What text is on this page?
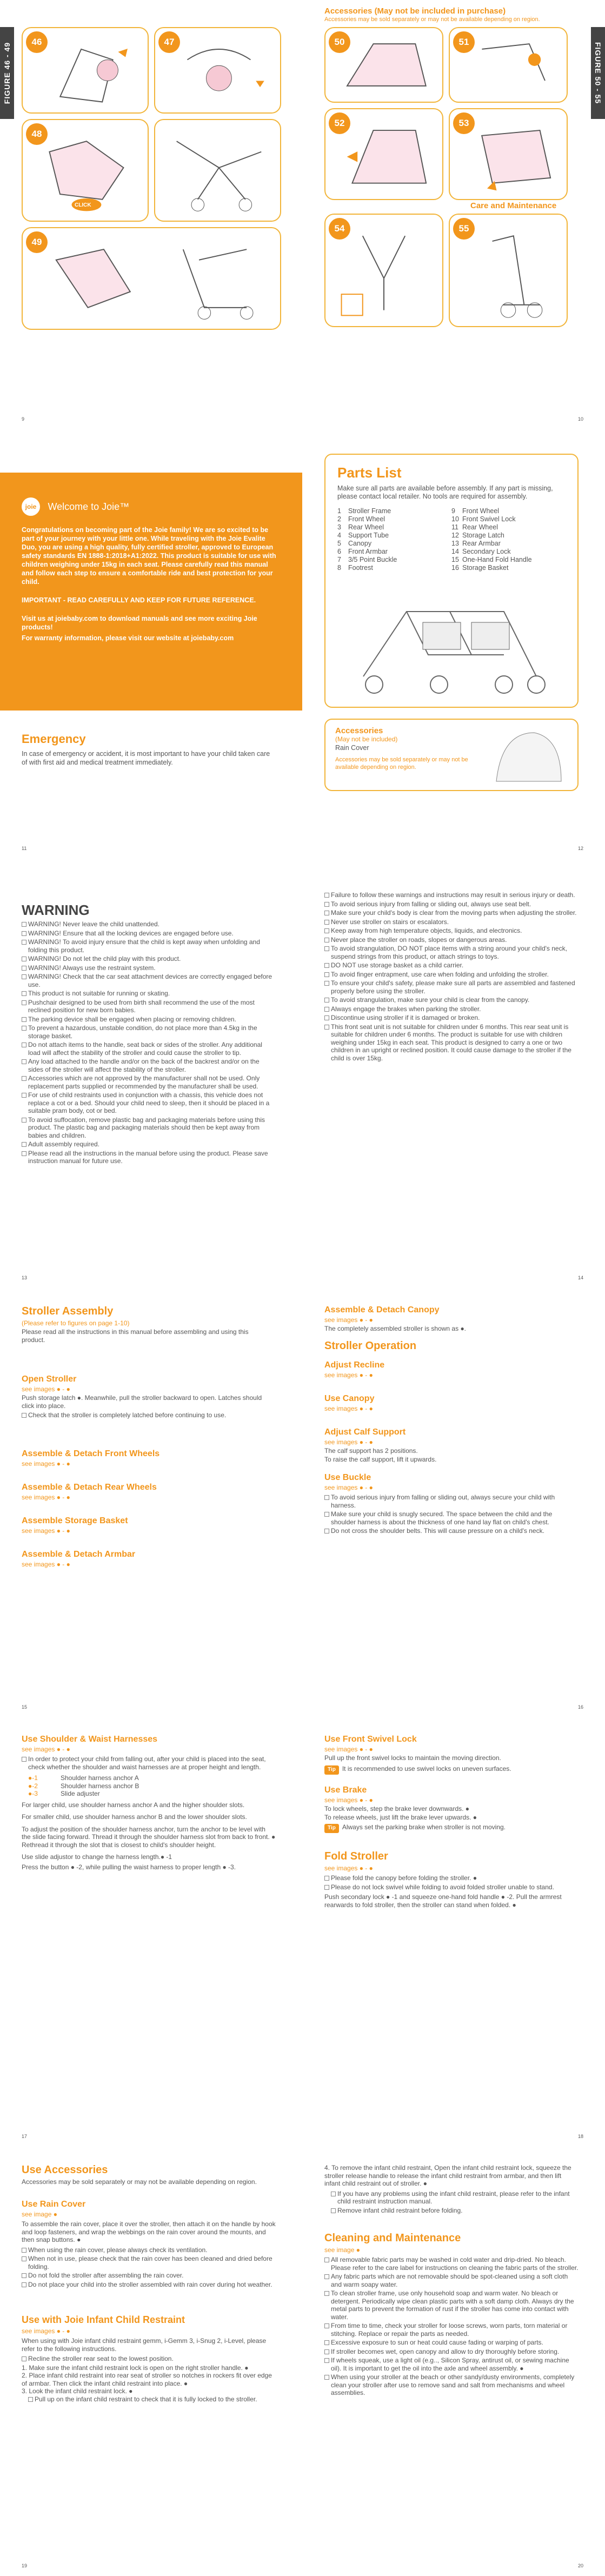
FIGURE 46 - 49
46	47
48
CLICK
49
9
FIGURE 50 - 55
Accessories (May not be included in purchase)
Accessories may be sold separately or may not be available depending on region.
50	51
52	53
Care and Maintenance
54	55
10
joie Welcome to Joie™

Congratulations on becoming part of the Joie family! We are so excited to be part of your journey with your little one. While traveling with the Joie Evalite Duo, you are using a high quality, fully certified stroller, approved to European safety standards EN 1888-1:2018+A1:2022. This product is suitable for use with children weighing under 15kg in each seat. Please carefully read this manual and follow each step to ensure a comfortable ride and best protection for your child.

IMPORTANT - READ CAREFULLY AND KEEP FOR FUTURE REFERENCE.

Visit us at joiebaby.com to download manuals and see more exciting Joie products!

For warranty information, please visit our website at joiebaby.com

Emergency
In case of emergency or accident, it is most important to have your child taken care of with first aid and medical treatment immediately.
11
Parts List
Make sure all parts are available before assembly. If any part is missing, please contact local retailer. No tools are required for assembly.
1	Stroller Frame	9	Front Wheel
2	Front Wheel	10 Front Swivel Lock
3	Rear Wheel	11 Rear Wheel
4	Support Tube	12 Storage Latch
5	Canopy	13 Rear Armbar
6	Front Armbar	14 Secondary Lock
7	3/5 Point Buckle	15 One-Hand Fold Handle
8	Footrest	16 Storage Basket
Accessories
(May not be included)
Rain Cover
Accessories may be sold separately or may not be available depending on region.
12
WARNING
WARNING! Never leave the child unattended.
WARNING! Ensure that all the locking devices are engaged before use.
WARNING! To avoid injury ensure that the child is kept away when unfolding and folding this product.
WARNING! Do not let the child play with this product.
WARNING! Always use the restraint system.
WARNING! Check that the car seat attachment devices are correctly engaged before use.
This product is not suitable for running or skating.
Pushchair designed to be used from birth shall recommend the use of the most reclined position for new born babies.
The parking device shall be engaged when placing or removing children.
To prevent a hazardous, unstable condition, do not place more than 4.5kg in the storage basket.
Do not attach items to the handle, seat back or sides of the stroller. Any additional load will affect the stability of the stroller and could cause the stroller to tip.
Any load attached to the handle and/or on the back of the backrest and/or on the sides of the stroller will affect the stability of the stroller.
Accessories which are not approved by the manufacturer shall not be used. Only replacement parts supplied or recommended by the manufacturer shall be used.
For use of child restraints used in conjunction with a chassis, this vehicle does not replace a cot or a bed. Should your child need to sleep, then it should be placed in a suitable pram body, cot or bed.
To avoid suffocation, remove plastic bag and packaging materials before using this product. The plastic bag and packaging materials should then be kept away from babies and children.
Adult assembly required.
Please read all the instructions in the manual before using the product. Please save instruction manual for future use.
13
Failure to follow these warnings and instructions may result in serious injury or death.
To avoid serious injury from falling or sliding out, always use seat belt.
Make sure your child's body is clear from the moving parts when adjusting the stroller.
Never use stroller on stairs or escalators.
Keep away from high temperature objects, liquids, and electronics.
Never place the stroller on roads, slopes or dangerous areas.
To avoid strangulation, DO NOT place items with a string around your child's neck, suspend strings from this product, or attach strings to toys.
DO NOT use storage basket as a child carrier.
To avoid finger entrapment, use care when folding and unfolding the stroller.
To ensure your child's safety, please make sure all parts are assembled and fastened properly before using the stroller.
To avoid strangulation, make sure your child is clear from the canopy.
Always engage the brakes when parking the stroller.
Discontinue using stroller if it is damaged or broken.
This front seat unit is not suitable for children under 6 months. This rear seat unit is suitable for children under 6 months. The product is suitable for use with children weighing under 15kg in each seat. This product is designed to carry a one or two children in an upright or reclined position. It could cause damage to the stroller if the child is over 15kg.
14
Stroller Assembly
(Please refer to figures on page 1-10)
Please read all the instructions in this manual before assembling and using this product.
Open Stroller
see images ● - ●
Push storage latch ●. Meanwhile, pull the stroller backward to open. Latches should click into place.
Check that the stroller is completely latched before continuing to use.
Assemble & Detach Front Wheels
see images ● - ●
Assemble & Detach Rear Wheels
see images ● - ●
Assemble Storage Basket
see images ● - ●
Assemble & Detach Armbar
see images ● - ●
15
Assemble & Detach Canopy
see images ● - ●
The completely assembled stroller is shown as ●.
Stroller Operation
Adjust Recline
see images ● - ●
Use Canopy
see images ● - ●
Adjust Calf Support
see images ● - ●
The calf support has 2 positions.
To raise the calf support, lift it upwards.
Use Buckle
see images ● - ●
To avoid serious injury from falling or sliding out, always secure your child with harness.
Make sure your child is snugly secured. The space between the child and the shoulder harness is about the thickness of one hand lay flat on child's chest.
Do not cross the shoulder belts. This will cause pressure on a child's neck.
16
Use Shoulder & Waist Harnesses
see images ● - ●
In order to protect your child from falling out, after your child is placed into the seat, check whether the shoulder and waist harnesses are at proper height and length.
●-1	Shoulder harness anchor A
●-2	Shoulder harness anchor B
●-3	Slide adjuster

For larger child, use shoulder harness anchor A and the higher shoulder slots.

For smaller child, use shoulder harness anchor B and the lower shoulder slots.

To adjust the position of the shoulder harness anchor, turn the anchor to be level with the slide facing forward. Thread it through the shoulder harness slot from back to front. ● Rethread it through the slot that is closest to child's shoulder height.

Use slide adjustor to change the harness length.● -1

Press the button ● -2, while pulling the waist harness to proper length ● -3.

17
Use Front Swivel Lock
see images ● - ●
Pull up the front swivel locks to maintain the moving direction.
Tip It is recommended to use swivel locks on uneven surfaces.
Use Brake
see images ● - ●
To lock wheels, step the brake lever downwards. ●
To release wheels, just lift the brake lever upwards. ●
Tip Always set the parking brake when stroller is not moving.
Fold Stroller
see images ● - ●
Please fold the canopy before folding the stroller. ●
Please do not lock swivel while folding to avoid folded stroller unable to stand.

Push secondary lock ● -1 and squeeze one-hand fold handle ● -2. Pull the armrest rearwards to fold stroller, then the stroller can stand when folded. ●

18
Use Accessories
Accessories may be sold separately or may not be available depending on region.
Use Rain Cover
see image ●

To assemble the rain cover, place it over the stroller, then attach it on the handle by hook and loop fasteners, and wrap the webbings on the rain cover around the mounts, and then snap buttons. ●

When using the rain cover, please always check its ventilation.
When not in use, please check that the rain cover has been cleaned and dried before folding.
Do not fold the stroller after assembling the rain cover.
Do not place your child into the stroller assembled with rain cover during hot weather.
Use with Joie Infant Child Restraint
see images ● - ●

When using with Joie infant child restraint gemm, i-Gemm 3, i-Snug 2, i-Level, please refer to the following instructions.

Recline the stroller rear seat to the lowest position.

1. Make sure the infant child restraint lock is open on the right stroller handle. ●

2. Place infant child restraint into rear seat of stroller so notches in rockers fit over edge of armbar. Then click the infant child restraint into place. ●

3. Look the infant child restraint lock. ●

Pull up on the infant child restraint to check that it is fully locked to the stroller.
19

4. To remove the infant child restraint, Open the infant child restraint lock, squeeze the stroller release handle to release the infant child restraint from armbar, and then lift infant child restraint out of stroller. ●

If you have any problems using the infant child restraint, please refer to the infant child restraint instruction manual.
Remove infant child restraint before folding.
Cleaning and Maintenance
see image ●
All removable fabric parts may be washed in cold water and drip-dried. No bleach. Please refer to the care label for instructions on cleaning the fabric parts of the stroller.
Any fabric parts which are not removable should be spot-cleaned using a soft cloth and warm soapy water.
To clean stroller frame, use only household soap and warm water. No bleach or detergent. Periodically wipe clean plastic parts with a soft damp cloth. Always dry the metal parts to prevent the formation of rust if the stroller has come into contact with water.
From time to time, check your stroller for loose screws, worn parts, torn material or stitching. Replace or repair the parts as needed.
Excessive exposure to sun or heat could cause fading or warping of parts.
If stroller becomes wet, open canopy and allow to dry thoroughly before storing.
If wheels squeak, use a light oil (e.g.., Silicon Spray, antirust oil, or sewing machine oil). It is important to get the oil into the axle and wheel assembly. ●
When using your stroller at the beach or other sandy/dusty environments, completely clean your stroller after use to remove sand and salt from mechanisms and wheel assemblies.
20
